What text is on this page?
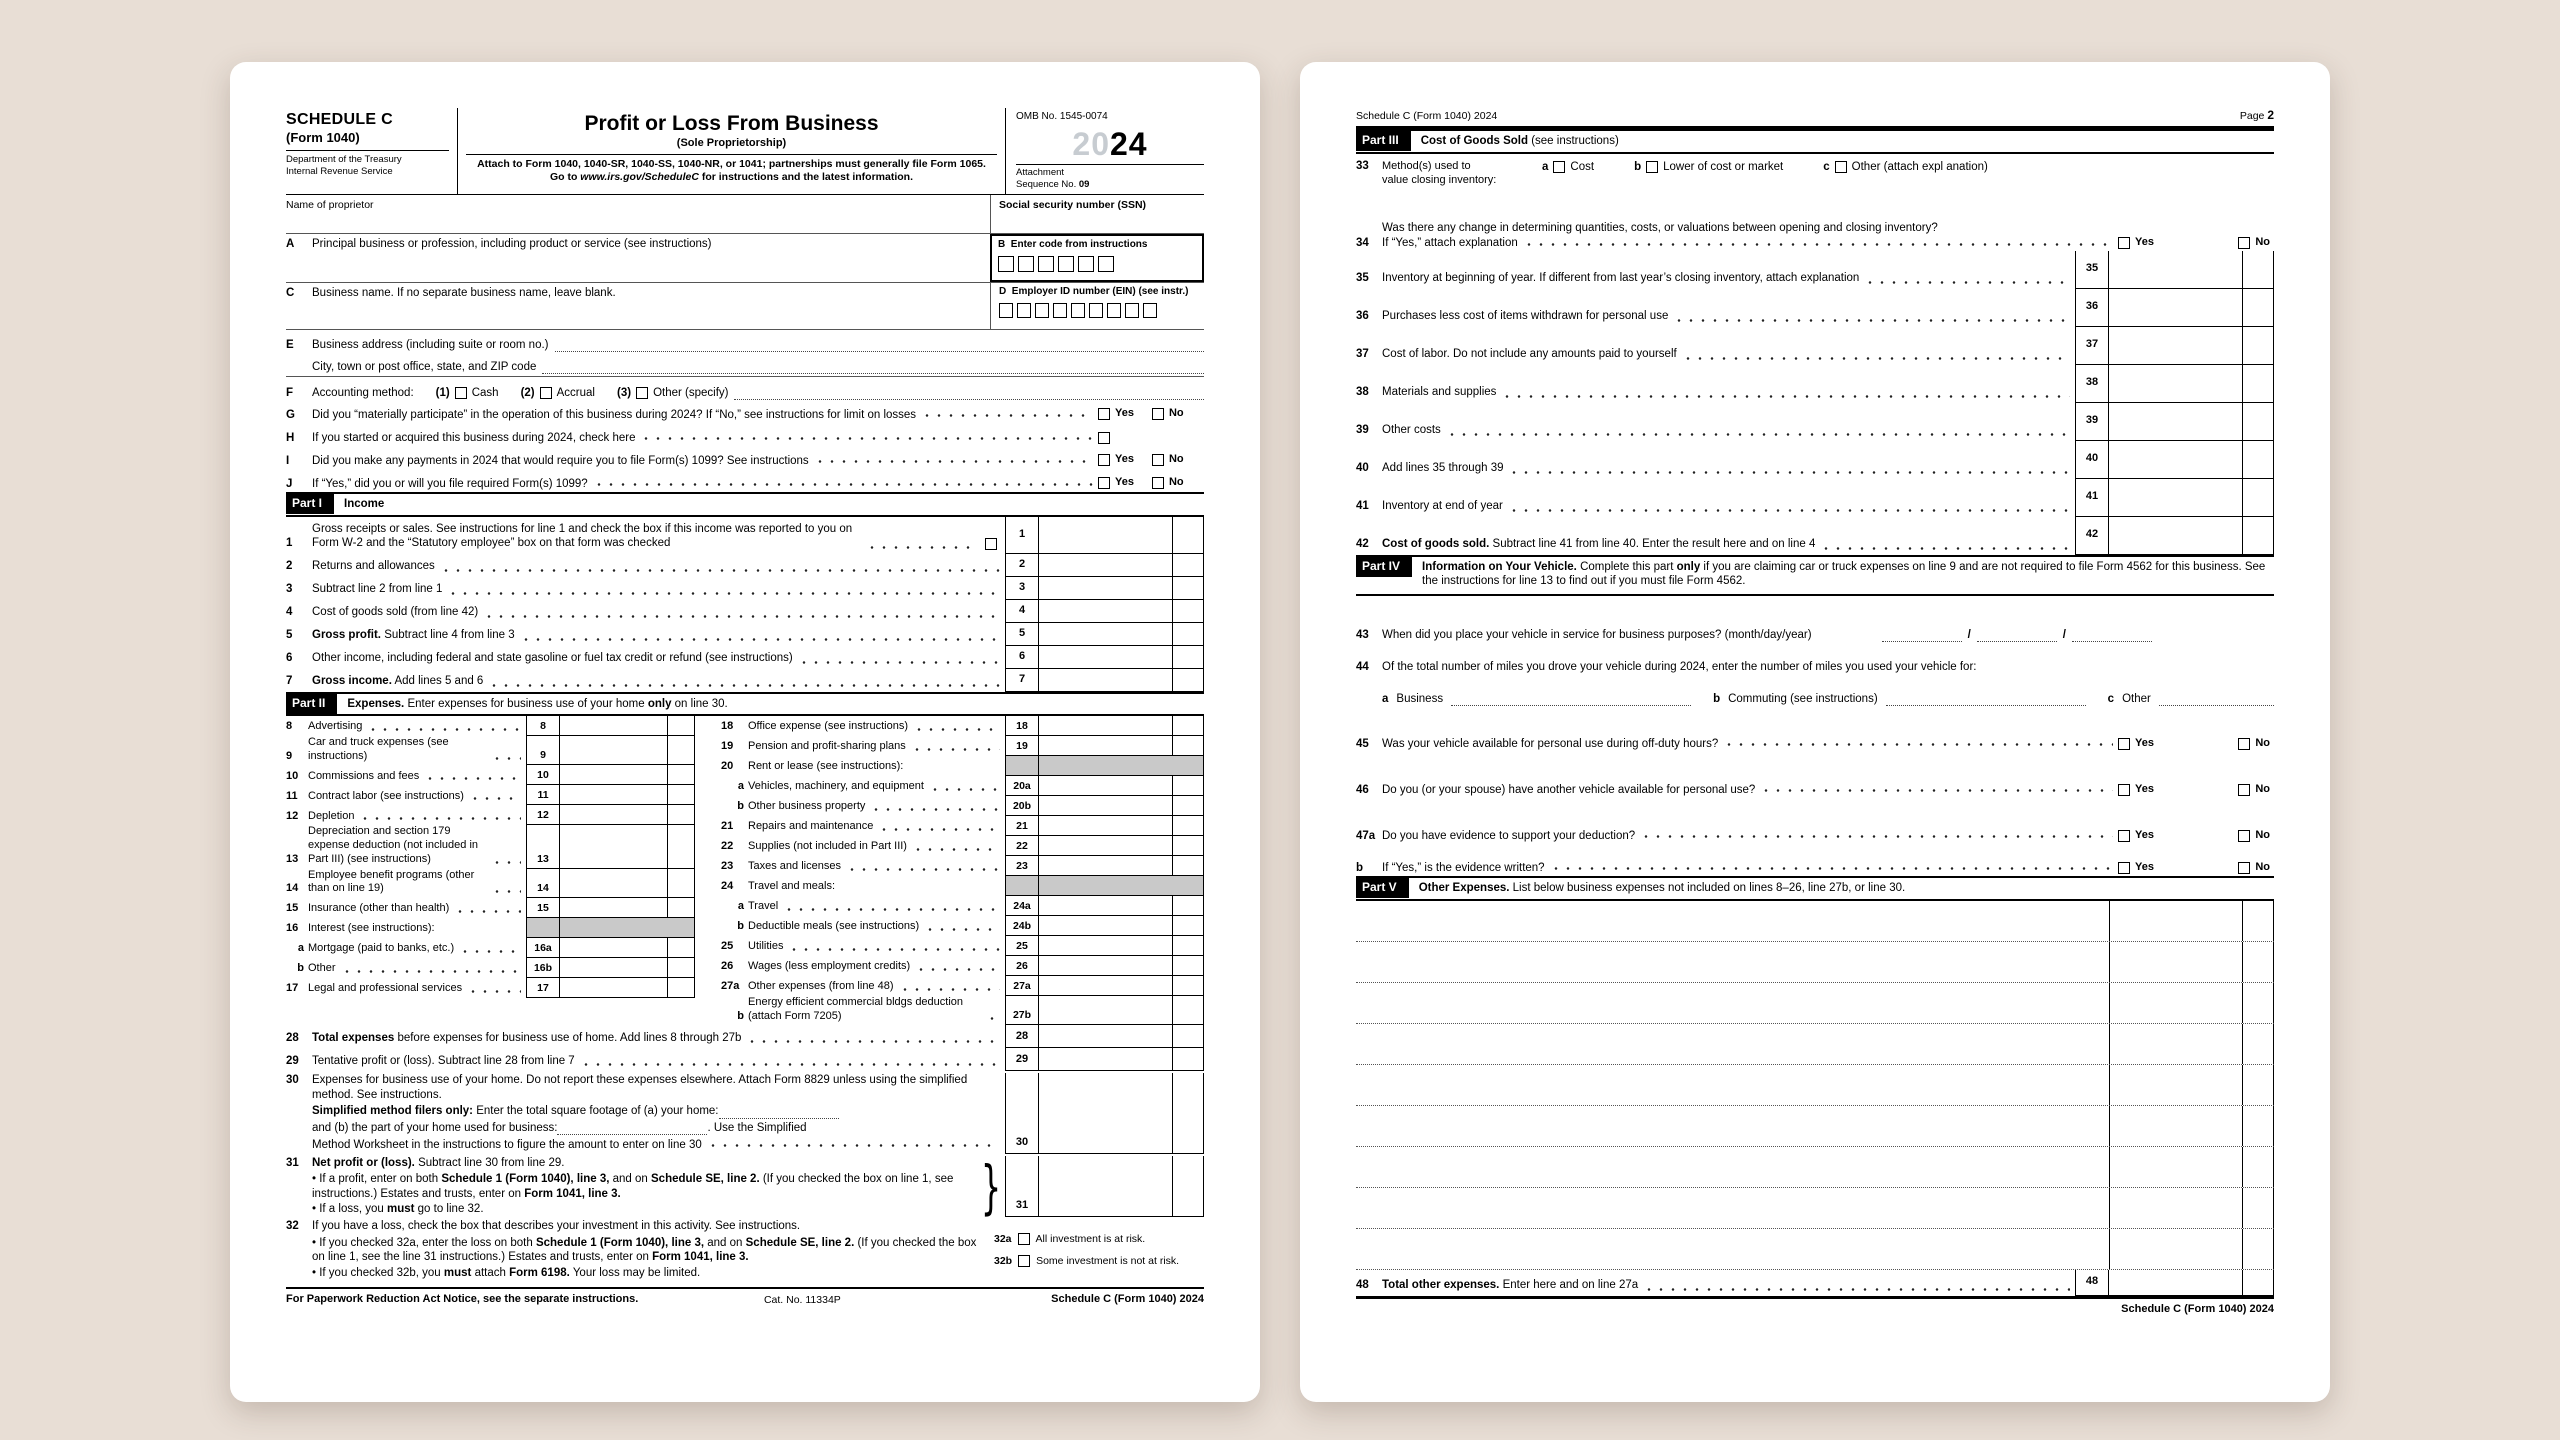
SCHEDULE C
(Form 1040)
Department of the Treasury
Internal Revenue Service
Profit or Loss From Business
(Sole Proprietorship)
Attach to Form 1040, 1040-SR, 1040-SS, 1040-NR, or 1041; partnerships must generally file Form 1065.
Go to www.irs.gov/ScheduleC for instructions and the latest information.
OMB No. 1545-0074
20 24
Attachment
Sequence No. 09
Name of proprietor	Social security number (SSN)
A	Principal business or profession, including product or service (see instructions)	B Enter code from instructions
C	Business name. If no separate business name, leave blank.	D Employer ID number (EIN) (see instr.)
E	Business address (including suite or room no.)
City, town or post office, state, and ZIP code
F	Accounting method: (1) Cash (2) Accrual (3) Other (specify)
G	Did you “materially participate” in the operation of this business during 2024? If “No,” see instructions for limit on losses	Yes	No
H	If you started or acquired this business during 2024, check here
I	Did you make any payments in 2024 that would require you to file Form(s) 1099? See instructions	Yes	No
J	If “Yes,” did you or will you file required Form(s) 1099?	Yes	No
Part I	Income
1
Gross receipts or sales. See instructions for line 1 and check the box if this income was reported to you on Form W-2 and the “Statutory employee” box on that form was checked
1
2	Returns and allowances	2
3	Subtract line 2 from line 1	3
4	Cost of goods sold (from line 42)	4
5	Gross profit. Subtract line 4 from line 3	5
6	Other income, including federal and state gasoline or fuel tax credit or refund (see instructions)	6
7	Gross income. Add lines 5 and 6	7
Part II	Expenses. Enter expenses for business use of your home only on line 30.
8	Advertising	8
9
Car and truck expenses (see instructions)	9
10 Commissions and fees	10
11 Contract labor (see instructions)	11
12 Depletion	12
13
Depreciation and section 179 expense deduction (not included in Part III) (see instructions)	13
14
Employee benefit programs (other than on line 19)	14
15 Insurance (other than health)	15
16 Interest (see instructions):
a Mortgage (paid to banks, etc.)	16a
b Other	16b
17 Legal and professional services	17
18	Office expense (see instructions)	18
19	Pension and profit-sharing plans	19
20	Rent or lease (see instructions):
a Vehicles, machinery, and equipment	20a
b Other business property	20b
21	Repairs and maintenance	21
22	Supplies (not included in Part III)	22
23	Taxes and licenses	23
24	Travel and meals:
a Travel	24a
b Deductible meals (see instructions)	24b
25	Utilities	25
26	Wages (less employment credits)	26
27a Other expenses (from line 48)	27a
b
Energy efficient commercial bldgs deduction (attach Form 7205)	27b
28	Total expenses before expenses for business use of home. Add lines 8 through 27b	28
29	Tentative profit or (loss). Subtract line 28 from line 7	29
30	Expenses for business use of your home. Do not report these expenses elsewhere. Attach Form 8829 unless using the simplified method. See instructions.
Simplified method filers only: Enter the total square footage of (a) your home:
and (b) the part of your home used for business:	. Use the Simplified
Method Worksheet in the instructions to figure the amount to enter on line 30	30
31	Net profit or (loss). Subtract line 30 from line 29.
• If a profit, enter on both Schedule 1 (Form 1040), line 3, and on Schedule SE, line 2. (If you checked the box on line 1, see instructions.) Estates and trusts, enter on Form 1041, line 3.
• If a loss, you must go to line 32.	}	31
32	If you have a loss, check the box that describes your investment in this activity. See instructions.
• If you checked 32a, enter the loss on both Schedule 1 (Form 1040), line 3, and on Schedule SE, line 2. (If you checked the box on line 1, see the line 31 instructions.) Estates and trusts, enter on Form 1041, line 3.
• If you checked 32b, you must attach Form 6198. Your loss may be limited.
32a All investment is at risk.
32b Some investment is not at risk.
For Paperwork Reduction Act Notice, see the separate instructions.	Cat. No. 11334P	Schedule C (Form 1040) 2024
Schedule C (Form 1040) 2024	Page 2
Part III	Cost of Goods Sold (see instructions)
33	Method(s) used to
value closing inventory:
a Cost	b Lower of cost or market	c Other (attach expl anation)
34
Was there any change in determining quantities, costs, or valuations between opening and closing inventory?
If “Yes,” attach explanation	Yes	No
35	Inventory at beginning of year. If different from last year’s closing inventory, attach explanation
35
36	Purchases less cost of items withdrawn for personal use
36
37	Cost of labor. Do not include any amounts paid to yourself
37
38	Materials and supplies
38
39	Other costs
39
40	Add lines 35 through 39
40
41	Inventory at end of year
41
42	Cost of goods sold. Subtract line 41 from line 40. Enter the result here and on line 4
42
Part IV	Information on Your Vehicle. Complete this part only if you are claiming car or truck expenses on line 9 and are not required to file Form 4562 for this business. See the instructions for line 13 to find out if you must file Form 4562.
43	When did you place your vehicle in service for business purposes? (month/day/year)	/	/
44	Of the total number of miles you drove your vehicle during 2024, enter the number of miles you used your vehicle for:
a Business	b Commuting (see instructions)	c Other
45	Was your vehicle available for personal use during off-duty hours?	Yes	No
46	Do you (or your spouse) have another vehicle available for personal use?	Yes	No
47a Do you have evidence to support your deduction?	Yes	No
b	If “Yes,” is the evidence written?	Yes	No
Part V	Other Expenses. List below business expenses not included on lines 8–26, line 27b, or line 30.
48	Total other expenses. Enter here and on line 27a	48
Schedule C (Form 1040) 2024
